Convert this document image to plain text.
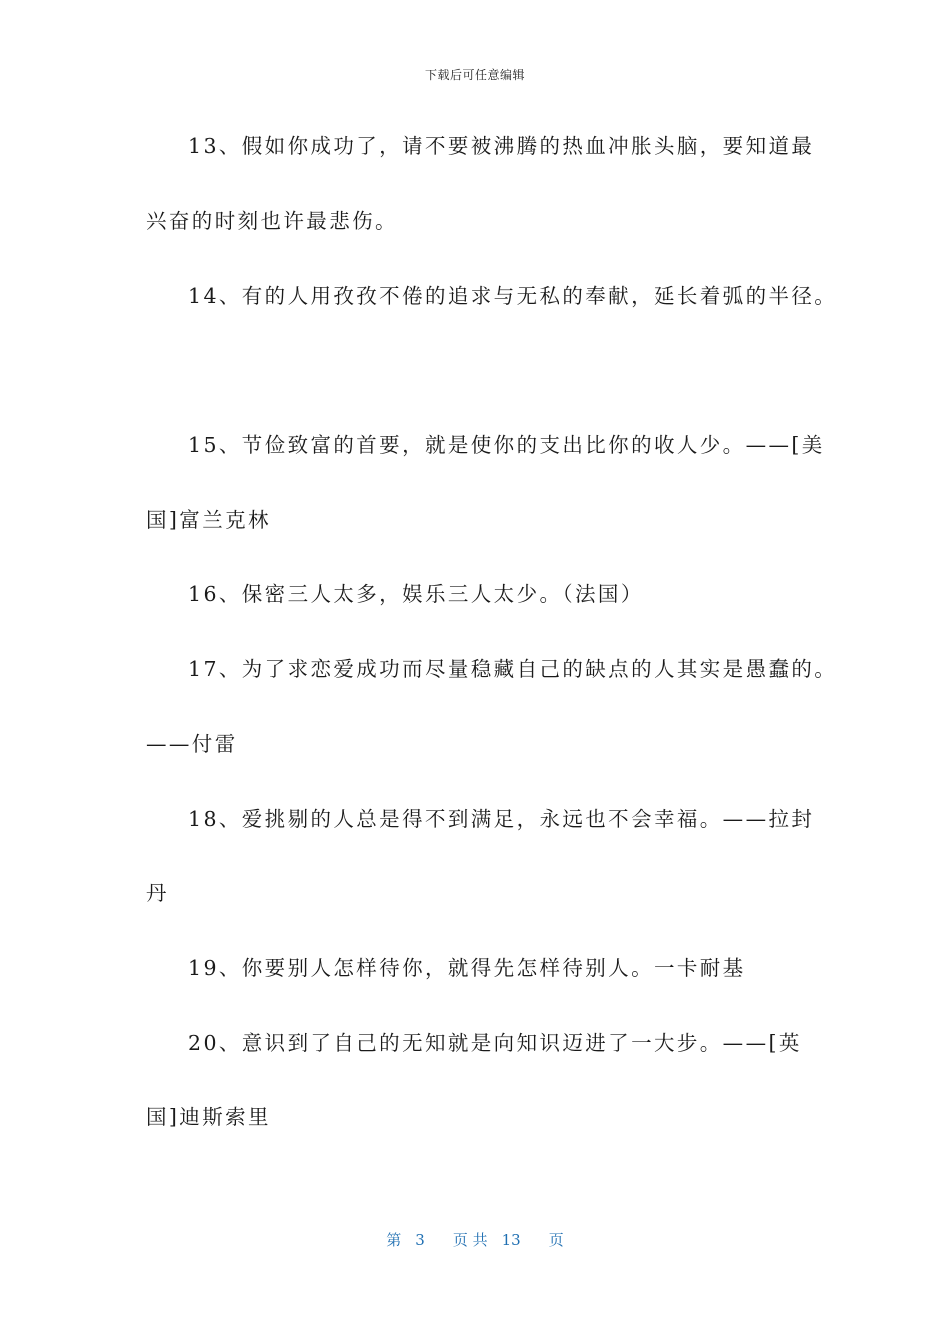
下载后可任意编辑
13、假如你成功了，请不要被沸腾的热血冲胀头脑，要知道最
兴奋的时刻也许最悲伤。
14、有的人用孜孜不倦的追求与无私的奉献，延长着弧的半径。
15、节俭致富的首要，就是使你的支出比你的收人少。——[美
国]富兰克林
16、保密三人太多，娱乐三人太少。（法国）
17、为了求恋爱成功而尽量稳藏自己的缺点的人其实是愚蠢的。
——付雷
18、爱挑剔的人总是得不到满足，永远也不会幸福。——拉封
丹
19、你要别人怎样待你，就得先怎样待别人。一卡耐基
20、意识到了自己的无知就是向知识迈进了一大步。——[英
国]迪斯索里
第 3 页 共 13 页
